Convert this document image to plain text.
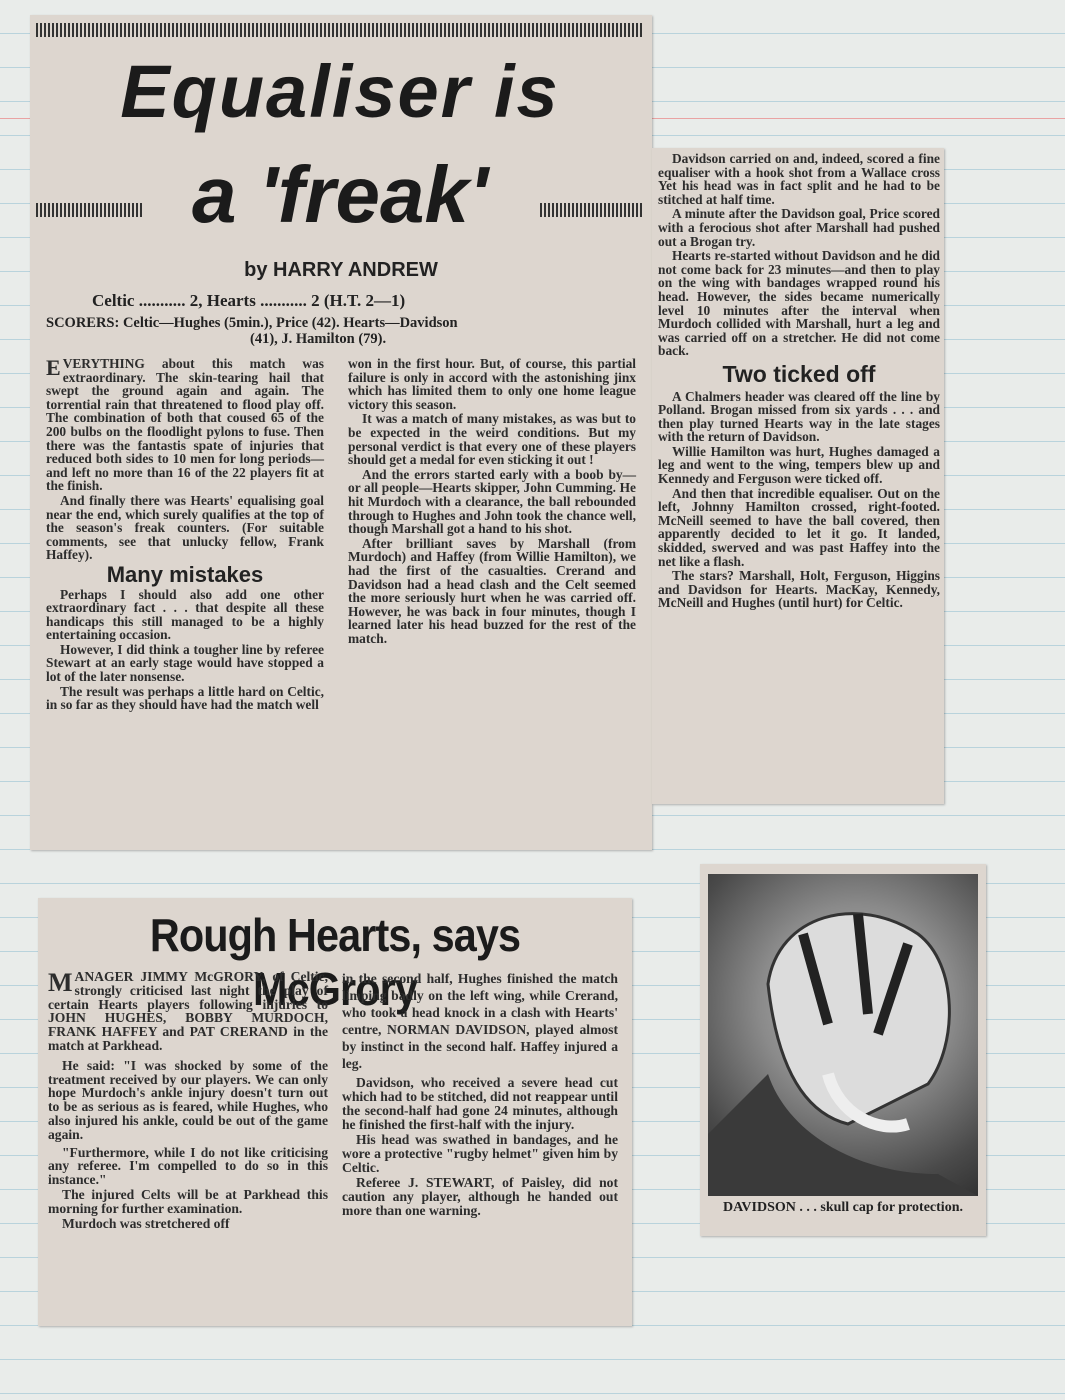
Equaliser is
a 'freak'
by HARRY ANDREW
Celtic ........... 2, Hearts ........... 2 (H.T. 2—1)
SCORERS: Celtic—Hughes (5min.), Price (42). Hearts—Davidson
(41), J. Hamilton (79).

EVERYTHING about this match was extraordinary. The skin-tearing hail that swept the ground again and again. The torrential rain that threatened to flood play off. The combination of both that coused 65 of the 200 bulbs on the floodlight pylons to fuse. Then there was the fantastis spate of injuries that reduced both sides to 10 men for long periods—and left no more than 16 of the 22 players fit at the finish.

And finally there was Hearts' equalising goal near the end, which surely qualifies at the top of the season's freak counters. (For suitable comments, see that unlucky fellow, Frank Haffey).

Many mistakes

Perhaps I should also add one other extraordinary fact . . . that despite all these handicaps this still managed to be a highly entertaining occasion.

However, I did think a tougher line by referee Stewart at an early stage would have stopped a lot of the later nonsense.

The result was perhaps a little hard on Celtic, in so far as they should have had the match well

won in the first hour. But, of course, this partial failure is only in accord with the astonishing jinx which has limited them to only one home league victory this season.

It was a match of many mistakes, as was but to be expected in the weird conditions. But my personal verdict is that every one of these players should get a medal for even sticking it out !

And the errors started early with a boob by—or all people—Hearts skipper, John Cumming. He hit Murdoch with a clearance, the ball rebounded through to Hughes and John took the chance well, though Marshall got a hand to his shot.

After brilliant saves by Marshall (from Murdoch) and Haffey (from Willie Hamilton), we had the first of the casualties. Crerand and Davidson had a head clash and the Celt seemed the more seriously hurt when he was carried off. However, he was back in four minutes, though I learned later his head buzzed for the rest of the match.

Davidson carried on and, indeed, scored a fine equaliser with a hook shot from a Wallace cross Yet his head was in fact split and he had to be stitched at half time.

A minute after the Davidson goal, Price scored with a ferocious shot after Marshall had pushed out a Brogan try.

Hearts re-started without Davidson and he did not come back for 23 minutes—and then to play on the wing with bandages wrapped round his head. However, the sides became numerically level 10 minutes after the interval when Murdoch collided with Marshall, hurt a leg and was carried off on a stretcher. He did not come back.

Two ticked off

A Chalmers header was cleared off the line by Polland. Brogan missed from six yards . . . and then play turned Hearts way in the late stages with the return of Davidson.

Willie Hamilton was hurt, Hughes damaged a leg and went to the wing, tempers blew up and Kennedy and Ferguson were ticked off.

And then that incredible equaliser. Out on the left, Johnny Hamilton crossed, right-footed. McNeill seemed to have the ball covered, then apparently decided to let it go. It landed, skidded, swerved and was past Haffey into the net like a flash.

The stars? Marshall, Holt, Ferguson, Higgins and Davidson for Hearts. MacKay, Kennedy, McNeill and Hughes (until hurt) for Celtic.

Rough Hearts, says McGrory

MANAGER JIMMY McGRORY, of Celtic, strongly criticised last night the play of certain Hearts players following injuries to JOHN HUGHES, BOBBY MURDOCH, FRANK HAFFEY and PAT CRERAND in the match at Parkhead.

He said: "I was shocked by some of the treatment received by our players. We can only hope Murdoch's ankle injury doesn't turn out to be as serious as is feared, while Hughes, who also injured his ankle, could be out of the game again.

"Furthermore, while I do not like criticising any referee. I'm compelled to do so in this instance."

The injured Celts will be at Parkhead this morning for further examination.

Murdoch was stretchered off

in the second half, Hughes finished the match limping badly on the left wing, while Crerand, who took a head knock in a clash with Hearts' centre, NORMAN DAVIDSON, played almost by instinct in the second half. Haffey injured a leg.

Davidson, who received a severe head cut which had to be stitched, did not reappear until the second-half had gone 24 minutes, although he finished the first-half with the injury.

His head was swathed in bandages, and he wore a protective "rugby helmet" given him by Celtic.

Referee J. STEWART, of Paisley, did not caution any player, although he handed out more than one warning.	DAVIDSON . . . skull cap for protection.
